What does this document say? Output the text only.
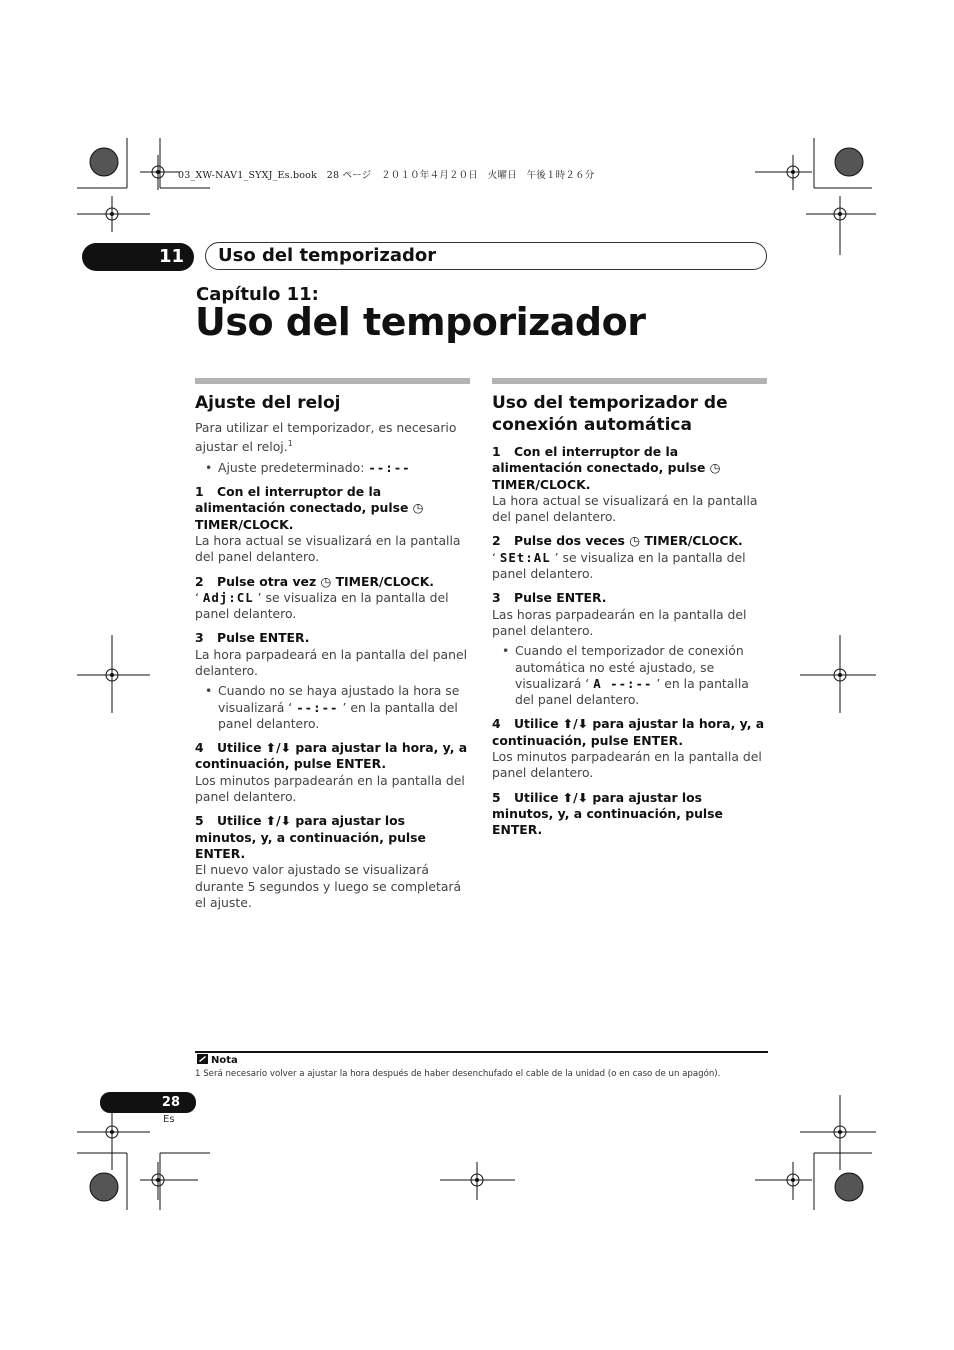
03_XW-NAV1_SYXJ_Es.book　28 ページ　２０１０年４月２０日　火曜日　午後１時２６分
11	Uso del temporizador
Capítulo 11:
Uso del temporizador
Ajuste del reloj

Para utilizar el temporizador, es necesario ajustar el reloj.$^1$

• Ajuste predeterminado: --:--

1 Con el interruptor de la alimentación conectado, pulse ◷ TIMER/CLOCK.

La hora actual se visualizará en la pantalla del panel delantero.

2 Pulse otra vez ◷ TIMER/CLOCK.

‘ Adj:CL ’ se visualiza en la pantalla del panel delantero.

3 Pulse ENTER.

La hora parpadeará en la pantalla del panel delantero.

• Cuando no se haya ajustado la hora se visualizará ‘ --:-- ’ en la pantalla del panel delantero.

4 Utilice ⬆/⬇ para ajustar la hora, y, a continuación, pulse ENTER.

Los minutos parpadearán en la pantalla del panel delantero.

5 Utilice ⬆/⬇ para ajustar los minutos, y, a continuación, pulse ENTER.

El nuevo valor ajustado se visualizará durante 5 segundos y luego se completará el ajuste.

Uso del temporizador de conexión automática

1 Con el interruptor de la alimentación conectado, pulse ◷ TIMER/CLOCK.

La hora actual se visualizará en la pantalla del panel delantero.

2 Pulse dos veces ◷ TIMER/CLOCK.

‘ SEt:AL ’ se visualiza en la pantalla del panel delantero.

3 Pulse ENTER.

Las horas parpadearán en la pantalla del panel delantero.

• Cuando el temporizador de conexión automática no esté ajustado, se visualizará ‘ A --:-- ’ en la pantalla del panel delantero.

4 Utilice ⬆/⬇ para ajustar la hora, y, a continuación, pulse ENTER.

Los minutos parpadearán en la pantalla del panel delantero.

5 Utilice ⬆/⬇ para ajustar los minutos, y, a continuación, pulse ENTER.

Nota
1 Será necesario volver a ajustar la hora después de haber desenchufado el cable de la unidad (o en caso de un apagón).
28
Es
